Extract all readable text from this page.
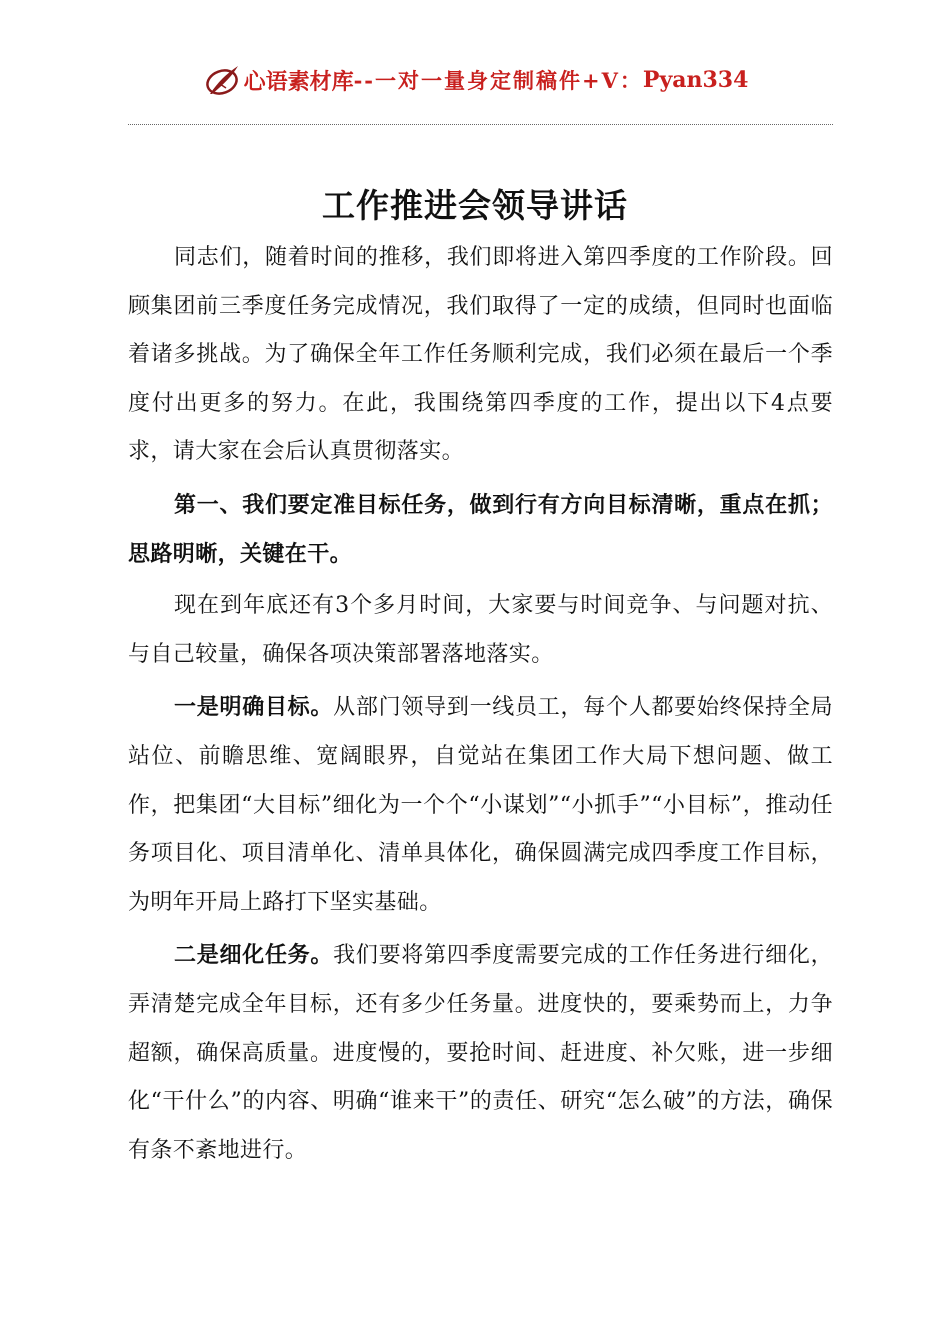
心语素材库 --一对一量身定制稿件+V： Pyan334
工作推进会领导讲话

同志们，随着时间的推移，我们即将进入第四季度的工作阶段。回顾集团前三季度任务完成情况，我们取得了一定的成绩，但同时也面临着诸多挑战。为了确保全年工作任务顺利完成，我们必须在最后一个季度付出更多的努力。在此，我围绕第四季度的工作，提出以下4点要求，请大家在会后认真贯彻落实。

第一、我们要定准目标任务，做到行有方向目标清晰，重点在抓；思路明晰，关键在干。

现在到年底还有3个多月时间，大家要与时间竞争、与问题对抗、与自己较量，确保各项决策部署落地落实。

一是明确目标。从部门领导到一线员工，每个人都要始终保持全局站位、前瞻思维、宽阔眼界，自觉站在集团工作大局下想问题、做工作，把集团“大目标”细化为一个个“小谋划”“小抓手”“小目标”，推动任务项目化、项目清单化、清单具体化，确保圆满完成四季度工作目标，为明年开局上路打下坚实基础。

二是细化任务。我们要将第四季度需要完成的工作任务进行细化，弄清楚完成全年目标，还有多少任务量。进度快的，要乘势而上，力争超额，确保高质量。进度慢的，要抢时间、赶进度、补欠账，进一步细化“干什么”的内容、明确“谁来干”的责任、研究“怎么破”的方法，确保有条不紊地进行。
